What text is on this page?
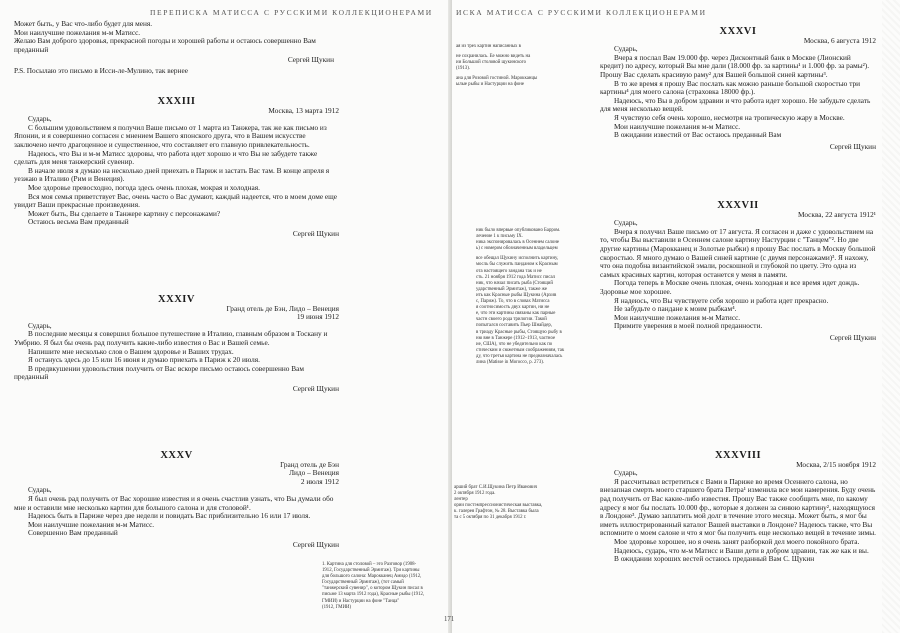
ПЕРЕПИСКА МАТИССА С РУССКИМИ КОЛЛЕКЦИОНЕРАМИ

Может быть, у Вас что-либо будет для меня.

Мои наилучшие пожелания м-м Матисс.

Желаю Вам доброго здоровья, прекрасной погоды и хорошей работы и остаюсь совершенно Вам преданный

Сергей Щукин

P.S. Посылаю это письмо в Исси-ле-Мулино, так вернее

XXXIII

Москва, 13 марта 1912

Сударь,

С большим удовольствием я получил Ваше письмо от 1 марта из Танжера, так же как письмо из Японии, и я совершенно согласен с мнением Вашего японского друга, что в Вашем искусстве заключено нечто драгоценное и существенное, что составляет его главную привлекательность.

Надеюсь, что Вы и м-м Матисс здоровы, что работа идет хорошо и что Вы не забудете также сделать для меня танжерский сувенир.

В начале июля я думаю на несколько дней приехать в Париж и застать Вас там. В конце апреля я уезжаю в Италию (Рим и Венеция).

Мое здоровье превосходно, погода здесь очень плохая, мокрая и холодная.

Вся моя семья приветствует Вас, очень часто о Вас думают, каждый надеется, что в моем доме еще увидит Ваши прекрасные произведения.

Может быть, Вы сделаете в Танжере картину с персонажами?

Остаюсь весьма Вам преданный

Сергей Щукин

XXXIV

Гранд отель де Бэн, Лидо – Венеция

19 июня 1912

Сударь,

В последние месяцы я совершил большое путешествие в Италию, главным образом в Тоскану и Умбрию. Я был бы очень рад получить какие-либо известия о Вас и Вашей семье.

Напишите мне несколько слов о Вашем здоровье и Ваших трудах.

Я останусь здесь до 15 или 16 июня и думаю приехать в Париж к 20 июля.

В предвкушении удовольствия получить от Вас вскоре письмо остаюсь совершенно Вам преданный

Сергей Щукин

XXXV

Гранд отель де Бэн

Лидо – Венеция

2 июля 1912

Сударь,

Я был очень рад получить от Вас хорошие известия и я очень счастлив узнать, что Вы думали обо мне и оставили мне несколько картин для большого салона и для столовой¹.

Надеюсь быть в Париже через две недели и повидать Вас приблизительно 16 или 17 июля.

Мои наилучшие пожелания м-м Матисс.

Совершенно Вам преданный

Сергей Щукин

1. Картина для столовой – это Разговор (1908-

1912, Государственный Эрмитаж). Три картины

для большого салона: Марокканец Амидо (1912,

Государственный Эрмитаж), (тот самый

"танжерский сувенир", о котором Щукин писал в

письме 13 марта 1912 года), Красные рыбы (1912,

ГМИИ) и Настурции на фоне "Танца"

(1912, ГМИИ)

ИСКА МАТИССА С РУССКИМИ КОЛЛЕКЦИОНЕРАМИ

ая из трех картин написанных в

не сохранилась. Ее можно видеть на

ии Большой столовой щукинского

(1913).

ана для Розовой гостиной. Марокканцы

ылые рыбы и Настурции на фоне

ник было впервые опубликовано Барром.

лечение 1 к письму IX.

ника экспонировалась в Осеннем салоне

ь) с номером обозначенным владельцем

все обещал Щукину исполнить картину,

мосль бы служить панданом к Красным

ота настоящего зандана так и не

сть. 21 ноября 1912 года Матисс писал

ник, что начал писать рыба (Стоящий

ударственный Эрмитаж), также же

ить как Красные рыбы Щукина (Архив

с, Париж). То, что в словах Матисса

я соотносимость двух картин, ни не

е, что эти картины связаны как парные

частн своего рода трилогии. Такой

попытался составить Пьер Шнайдер,

в триаду Красные рыбы, Стоящую рыбу в

ню вне в Танжере (1912–1913, частное

ие, США), что не убедительно как по

стическим и сюжетным соображениям, так

ду, что третья картина не предназначалась

лина (Matisse in Morocco, p. 273).

арший брат С.И.Щукина Петр Иванович

2 октября 1912 года.

лентер

ории постэмпрессионистическая выставка,

к. галерея Графтон, № 28. Выставка была

та с 5 октября по 31 декабря 1912 г.

171

XXXVI

Москва, 6 августа 1912

Сударь,

Вчера я послал Вам 19.000 фр. через Дисконтный банк в Москве (Лионский кредит) по адресу, который Вы мне дали (18.000 фр. за картины¹ и 1.000 фр. за рамы²). Прошу Вас сделать красивую раму² для Вашей большой синей картины³.

В то же время я прошу Вас послать как можно раньше большой скоростью три картины⁴ для моего салона (страховка 18000 фр.).

Надеюсь, что Вы в добром здравии и что работа идет хорошо. Не забудьте сделать для меня несколько вещей.

Я чувствую себя очень хорошо, несмотря на тропическую жару в Москве.

Мои наилучшие пожелания м-м Матисс.

В ожидании известий от Вас остаюсь преданный Вам

Сергей Щукин

XXXVII

Москва, 22 августа 1912¹

Сударь,

Вчера я получил Ваше письмо от 17 августа. Я согласен и даже с удовольствием на то, чтобы Вы выставили в Осеннем салоне картину Настурции с "Танцем"². Но две другие картины (Марокканец и Золотые рыбки) я прошу Вас послать в Москву большой скоростью. Я много думаю о Вашей синей картине (с двумя персонажами)³. Я нахожу, что она подобна византийской эмали, роскошной и глубокой по цвету. Это одна из самых красивых картин, которая останется у меня в памяти.

Погода теперь в Москве очень плохая, очень холодная и все время идет дождь. Здоровье мое хорошее.

Я надеюсь, что Вы чувствуете себя хорошо и работа идет прекрасно.

Не забудьте о пандане к моим рыбкам⁴.

Мои наилучшие пожелания м-м Матисс.

Примите уверения в моей полной преданности.

Сергей Щукин

XXXVIII

Москва, 2/15 ноября 1912

Сударь,

Я рассчитывал встретиться с Вами в Париже во время Осеннего салона, но внезапная смерть моего старшего брата Петра¹ изменила все мои намерения. Буду очень рад получить от Вас какие-либо известия. Прошу Вас также сообщить мне, по какому адресу я мог бы послать 10.000 фр., которые я должен за синюю картину², находящуюся в Лондоне³. Думаю заплатить мой долг в течение этого месяца. Может быть, я мог бы иметь иллюстрированный каталог Вашей выставки в Лондоне? Надеюсь также, что Вы вспомните о моем салоне и что я мог бы получить еще несколько вещей в течение зимы.

Мое здоровье хорошее, но я очень занят разборкой дел моего покойного брата.

Надеюсь, сударь, что м-м Матисс и Ваши дети в добром здравии, так же как и вы.

В ожидании хороших вестей остаюсь преданный Вам С. Щукин
